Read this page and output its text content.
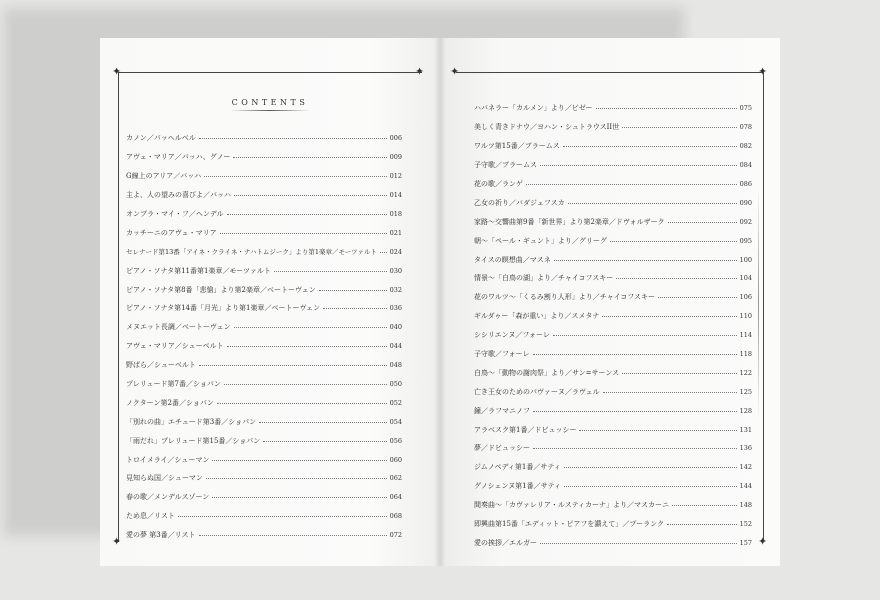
✦
✦
✦
CONTENTS
カノン／パッヘルベル	006
アヴェ・マリア／バッハ、グノー	009
G線上のアリア／バッハ	012
主よ、人の望みの喜びよ／バッハ	014
オンブラ・マイ・フ／ヘンデル	018
カッチーニのアヴェ・マリア	021
セレナード第13番「アイネ・クライネ・ナハトムジーク」より第1楽章／モーツァルト 024
ピアノ・ソナタ第11番第1楽章／モーツァルト	030
ピアノ・ソナタ第8番「悲愴」より第2楽章／ベートーヴェン	032
ピアノ・ソナタ第14番「月光」より第1楽章／ベートーヴェン	036
メヌエット長調／ベートーヴェン	040
アヴェ・マリア／シューベルト	044
野ばら／シューベルト	048
プレリュード第7番／ショパン	050
ノクターン第2番／ショパン	052
「別れの曲」エチュード第3番／ショパン	054
「雨だれ」プレリュード第15番／ショパン	056
トロイメライ／シューマン	060
見知らぬ国／シューマン	062
春の歌／メンデルスゾーン	064
ため息／リスト	068
愛の夢 第3番／リスト	072
✦	✦
✦
ハバネラー「カルメン」より／ビゼー	075
美しく青きドナウ／ヨハン・シュトラウスII世	078
ワルツ第15番／ブラームス	082
子守歌／ブラームス	084
花の歌／ランゲ	086
乙女の祈り／バダジェフスカ	090
家路～交響曲第9番「新世界」より第2楽章／ドヴォルザーク	092
朝～「ペール・ギュント」より／グリーグ	095
タイスの瞑想曲／マスネ	100
情景～「白鳥の湖」より／チャイコフスキー	104
花のワルツ～「くるみ割り人形」より／チャイコフスキー	106
ギルダゥー「森が重い」より／スメタナ	110
シシリエンヌ／フォーレ	114
子守歌／フォーレ	118
白鳥～「動物の謝肉祭」より／サン=サーンス	122
亡き王女のためのパヴァーヌ／ラヴェル	125
鐘／ラフマニノフ	128
アラベスク第1番／ドビュッシー	131
夢／ドビュッシー	136
ジムノペディ第1番／サティ	142
グノシェンヌ第1番／サティ	144
間奏曲～「カヴァレリア・ルスティカーナ」より／マスカーニ	148
即興曲第15番「エディット・ピアフを讃えて」／プーランク	152
愛の挨拶／エルガー	157
